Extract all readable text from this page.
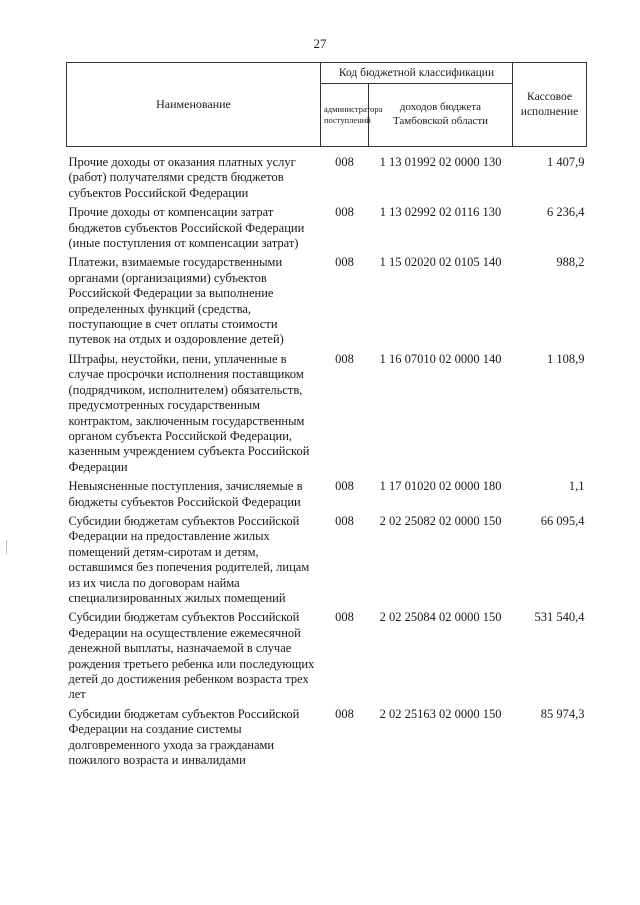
27
Наименование	Код бюджетной классификации		Кассовое исполнение
	администратора поступлений	доходов бюджета Тамбовской области	
Прочие доходы от оказания платных услуг (работ) получателями средств бюджетов субъектов Российской Федерации	008	1 13 01992 02 0000 130	1 407,9
Прочие доходы от компенсации затрат бюджетов субъектов Российской Федерации (иные поступления от компенсации затрат)	008	1 13 02992 02 0116 130	6 236,4
Платежи, взимаемые государственными органами (организациями) субъектов Российской Федерации за выполнение определенных функций (средства, поступающие в счет оплаты стоимости путевок на отдых и оздоровление детей)	008	1 15 02020 02 0105 140	988,2
Штрафы, неустойки, пени, уплаченные в случае просрочки исполнения поставщиком (подрядчиком, исполнителем) обязательств, предусмотренных государственным контрактом, заключенным государственным органом субъекта Российской Федерации, казенным учреждением субъекта Российской Федерации	008	1 16 07010 02 0000 140	1 108,9
Невыясненные поступления, зачисляемые в бюджеты субъектов Российской Федерации	008	1 17 01020 02 0000 180	1,1
Субсидии бюджетам субъектов Российской Федерации на предоставление жилых помещений детям-сиротам и детям, оставшимся без попечения родителей, лицам из их числа по договорам найма специализированных жилых помещений	008	2 02 25082 02 0000 150	66 095,4
Субсидии бюджетам субъектов Российской Федерации на осуществление ежемесячной денежной выплаты, назначаемой в случае рождения третьего ребенка или последующих детей до достижения ребенком возраста трех лет	008	2 02 25084 02 0000 150	531 540,4
Субсидии бюджетам субъектов Российской Федерации на создание системы долговременного ухода за гражданами пожилого возраста и инвалидами	008	2 02 25163 02 0000 150	85 974,3
